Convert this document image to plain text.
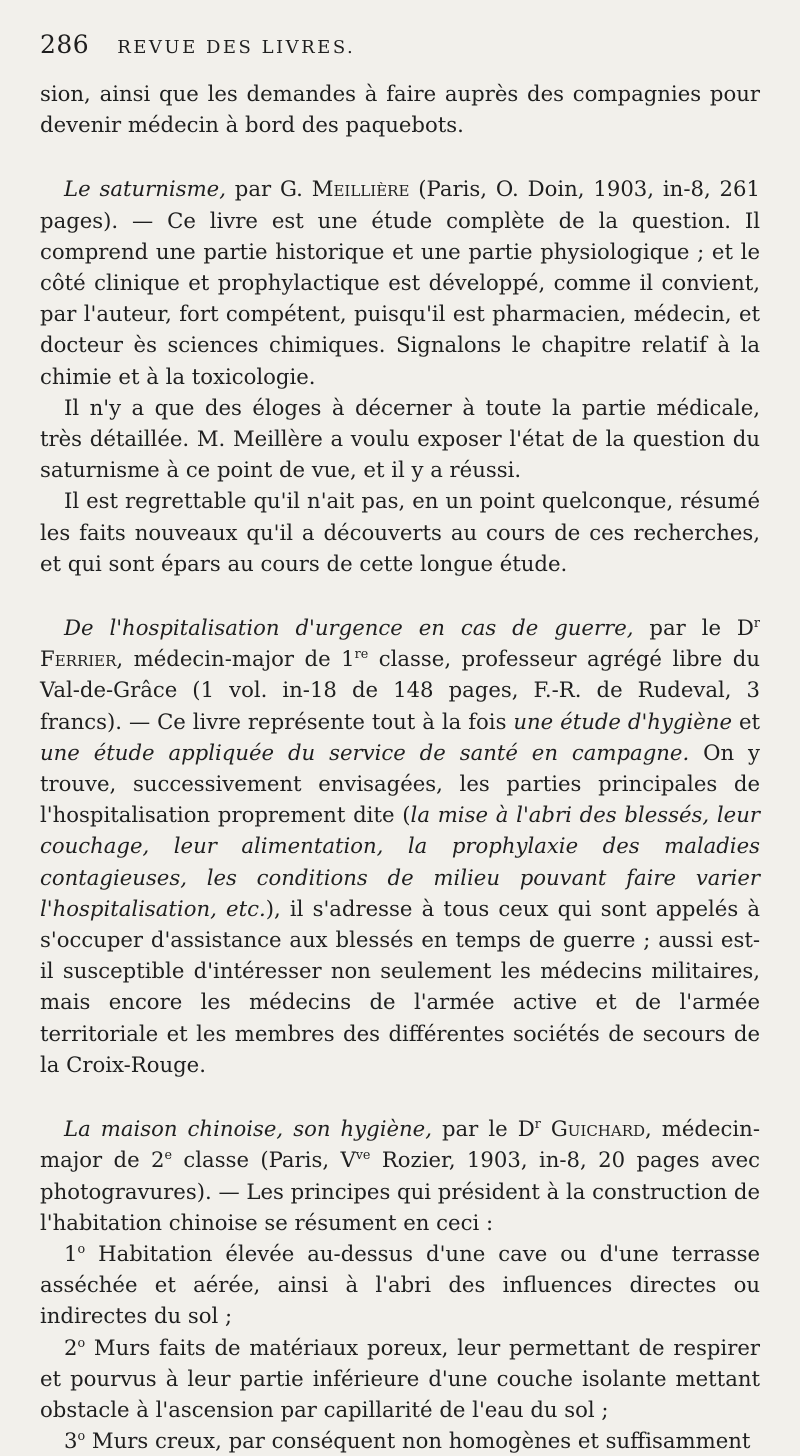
286 REVUE DES LIVRES.

sion, ainsi que les demandes à faire auprès des compagnies pour devenir médecin à bord des paquebots.

Le saturnisme, par G. Meillière (Paris, O. Doin, 1903, in-8, 261 pages). — Ce livre est une étude complète de la question. Il comprend une partie historique et une partie physiologique ; et le côté clinique et prophylactique est développé, comme il convient, par l'auteur, fort compétent, puisqu'il est pharmacien, médecin, et docteur ès sciences chimiques. Signalons le chapitre relatif à la chimie et à la toxicologie.

Il n'y a que des éloges à décerner à toute la partie médicale, très détaillée. M. Meillère a voulu exposer l'état de la question du saturnisme à ce point de vue, et il y a réussi.

Il est regrettable qu'il n'ait pas, en un point quelconque, résumé les faits nouveaux qu'il a découverts au cours de ces recherches, et qui sont épars au cours de cette longue étude.

De l'hospitalisation d'urgence en cas de guerre, par le $D^r$ Ferrier, médecin-major de 1re classe, professeur agrégé libre du Val-de-Grâce (1 vol. in-18 de 148 pages, F.-R. de Rudeval, 3 francs). — Ce livre représente tout à la fois une étude d'hygiène et une étude appliquée du service de santé en campagne. On y trouve, successivement envisagées, les parties principales de l'hospitalisation proprement dite (la mise à l'abri des blessés, leur couchage, leur alimentation, la prophylaxie des maladies contagieuses, les conditions de milieu pouvant faire varier l'hospitalisation, etc.), il s'adresse à tous ceux qui sont appelés à s'occuper d'assistance aux blessés en temps de guerre ; aussi est-il susceptible d'intéresser non seulement les médecins militaires, mais encore les médecins de l'armée active et de l'armée territoriale et les membres des différentes sociétés de secours de la Croix-Rouge.

La maison chinoise, son hygiène, par le $D^r$ Guichard, médecin-major de 2e classe (Paris, $V^{ve}$ Rozier, 1903, in-8, 20 pages avec photogravures). — Les principes qui président à la construction de l'habitation chinoise se résument en ceci :

1$^o$ Habitation élevée au-dessus d'une cave ou d'une terrasse asséchée et aérée, ainsi à l'abri des influences directes ou indirectes du sol ;

2$^o$ Murs faits de matériaux poreux, leur permettant de respirer et pourvus à leur partie inférieure d'une couche isolante mettant obstacle à l'ascension par capillarité de l'eau du sol ;

3$^o$ Murs creux, par conséquent non homogènes et suffisamment
